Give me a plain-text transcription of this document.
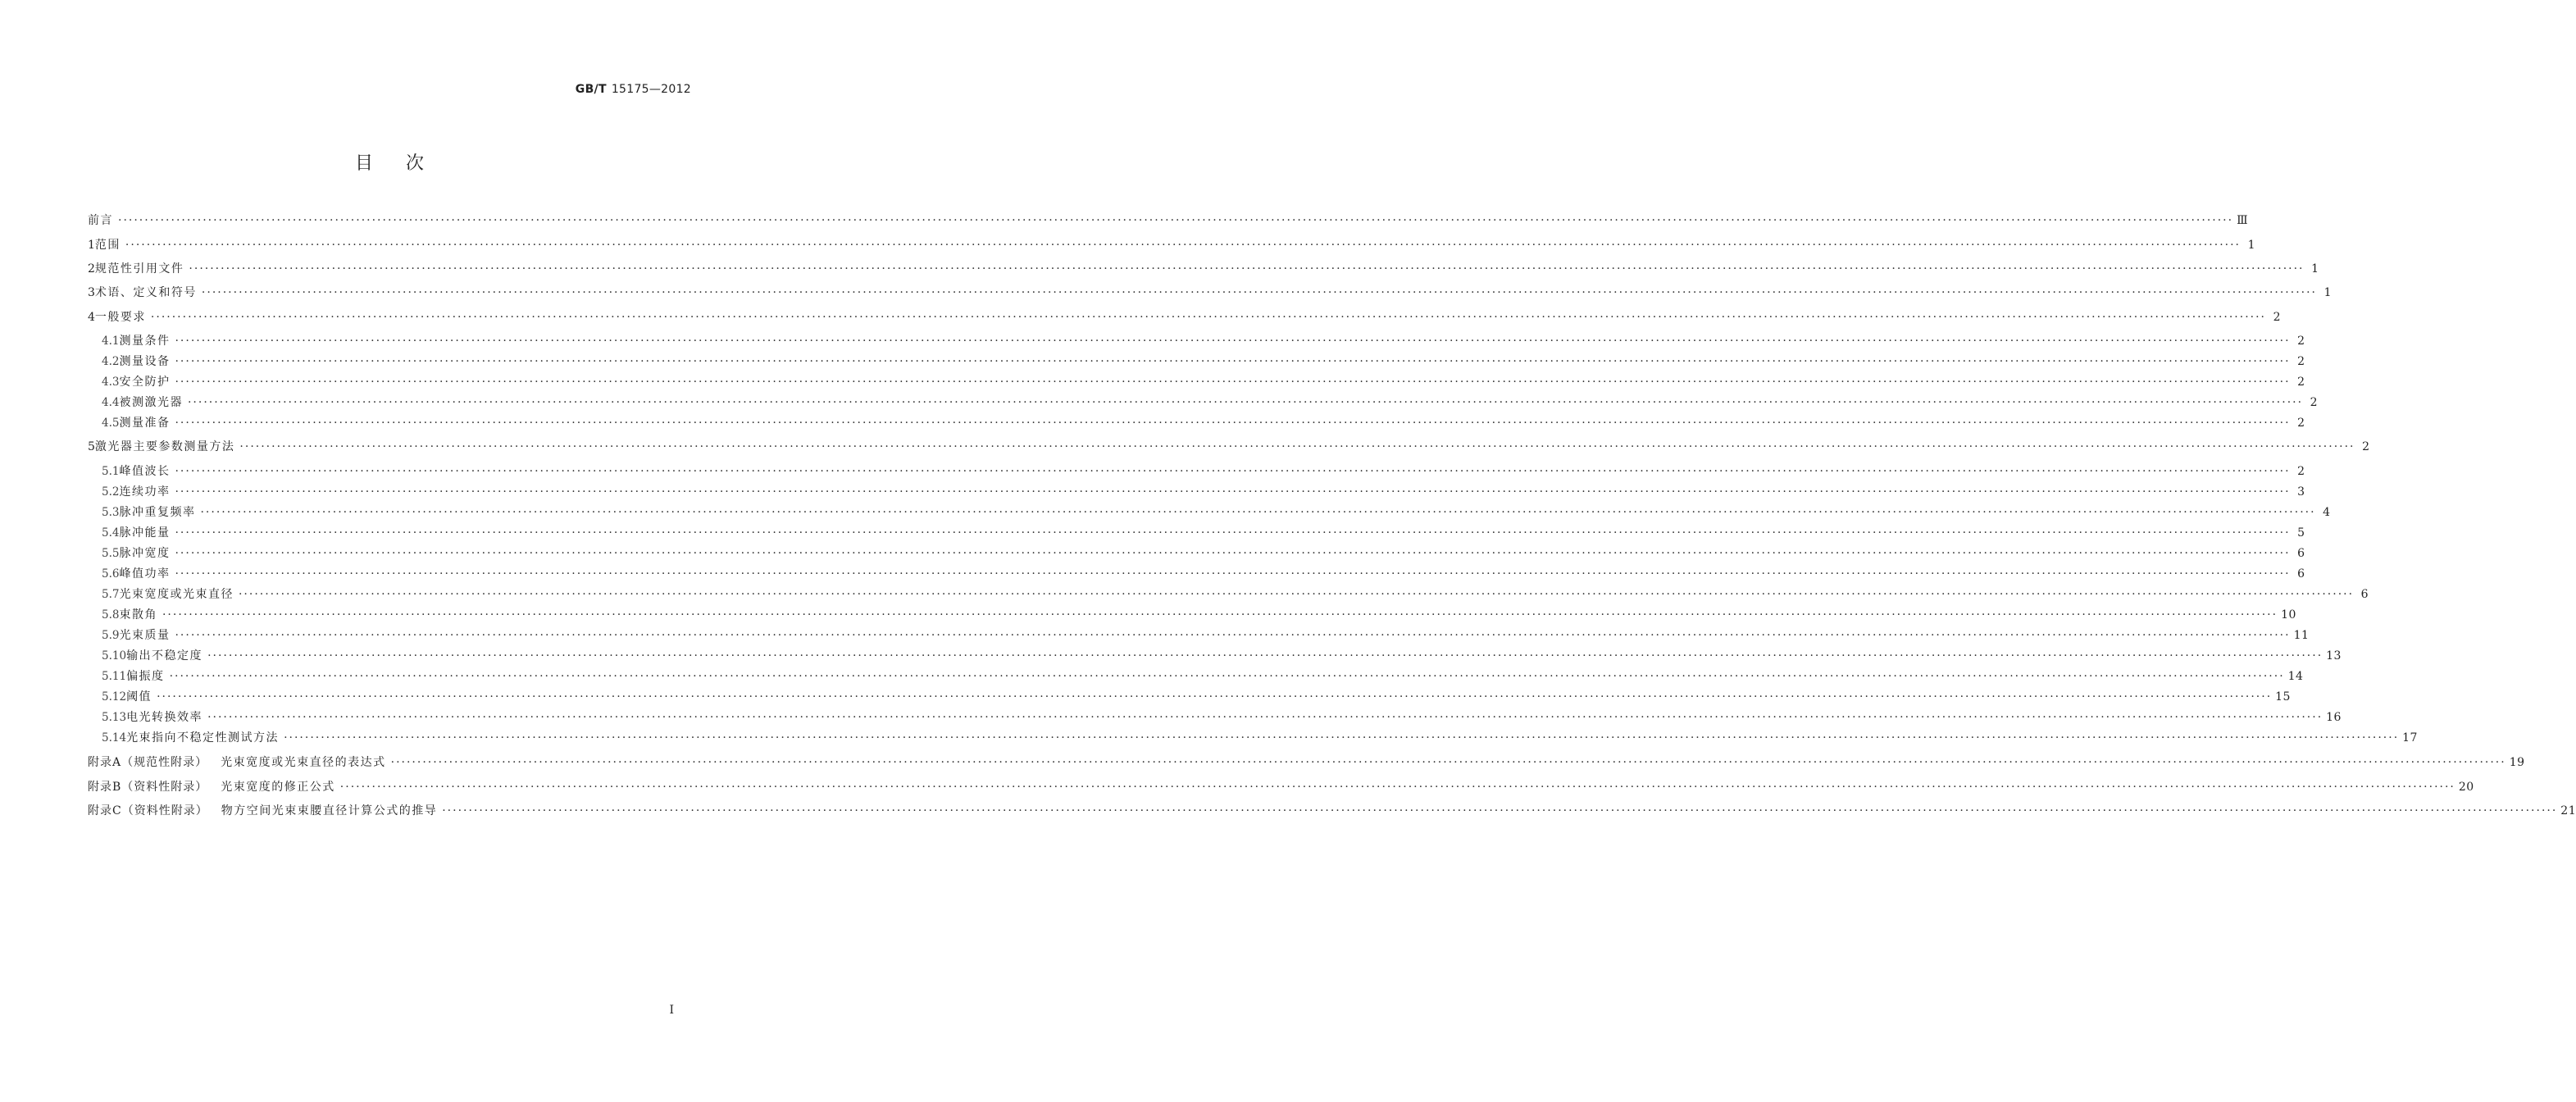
GB/T 15175—2012
目次
前言 ················································································································································································································································································································································································································ Ⅲ
1 范围 ················································································································································································································································································································································································································ 1
2 规范性引用文件 ················································································································································································································································································································································································································ 1
3 术语、定义和符号 ················································································································································································································································································································································································································ 1
4 一般要求 ················································································································································································································································································································································································································ 2
4.1 测量条件 ················································································································································································································································································································································································································ 2
4.2 测量设备 ················································································································································································································································································································································································································ 2
4.3 安全防护 ················································································································································································································································································································································································································ 2
4.4 被测激光器 ················································································································································································································································································································································································································ 2
4.5 测量准备 ················································································································································································································································································································································································································ 2
5 激光器主要参数测量方法 ················································································································································································································································································································································································································ 2
5.1 峰值波长 ················································································································································································································································································································································································································ 2
5.2 连续功率 ················································································································································································································································································································································································································ 3
5.3 脉冲重复频率 ················································································································································································································································································································································································································ 4
5.4 脉冲能量 ················································································································································································································································································································································································································ 5
5.5 脉冲宽度 ················································································································································································································································································································································································································ 6
5.6 峰值功率 ················································································································································································································································································································································································································ 6
5.7 光束宽度或光束直径 ················································································································································································································································································································································································································ 6
5.8 束散角 ················································································································································································································································································································································································································ 10
5.9 光束质量 ················································································································································································································································································································································································································ 11
5.10 输出不稳定度 ················································································································································································································································································································································································································ 13
5.11 偏振度 ················································································································································································································································································································································································································ 14
5.12 阈值 ················································································································································································································································································································································································································ 15
5.13 电光转换效率 ················································································································································································································································································································································································································ 16
5.14 光束指向不稳定性测试方法 ················································································································································································································································································································································································································ 17
附录A（规范性附录） 光束宽度或光束直径的表达式 ················································································································································································································································································································································································································ 19
附录B（资料性附录） 光束宽度的修正公式 ················································································································································································································································································································································································································ 20
附录C（资料性附录） 物方空间光束束腰直径计算公式的推导 ················································································································································································································································································································································································································ 21
I
